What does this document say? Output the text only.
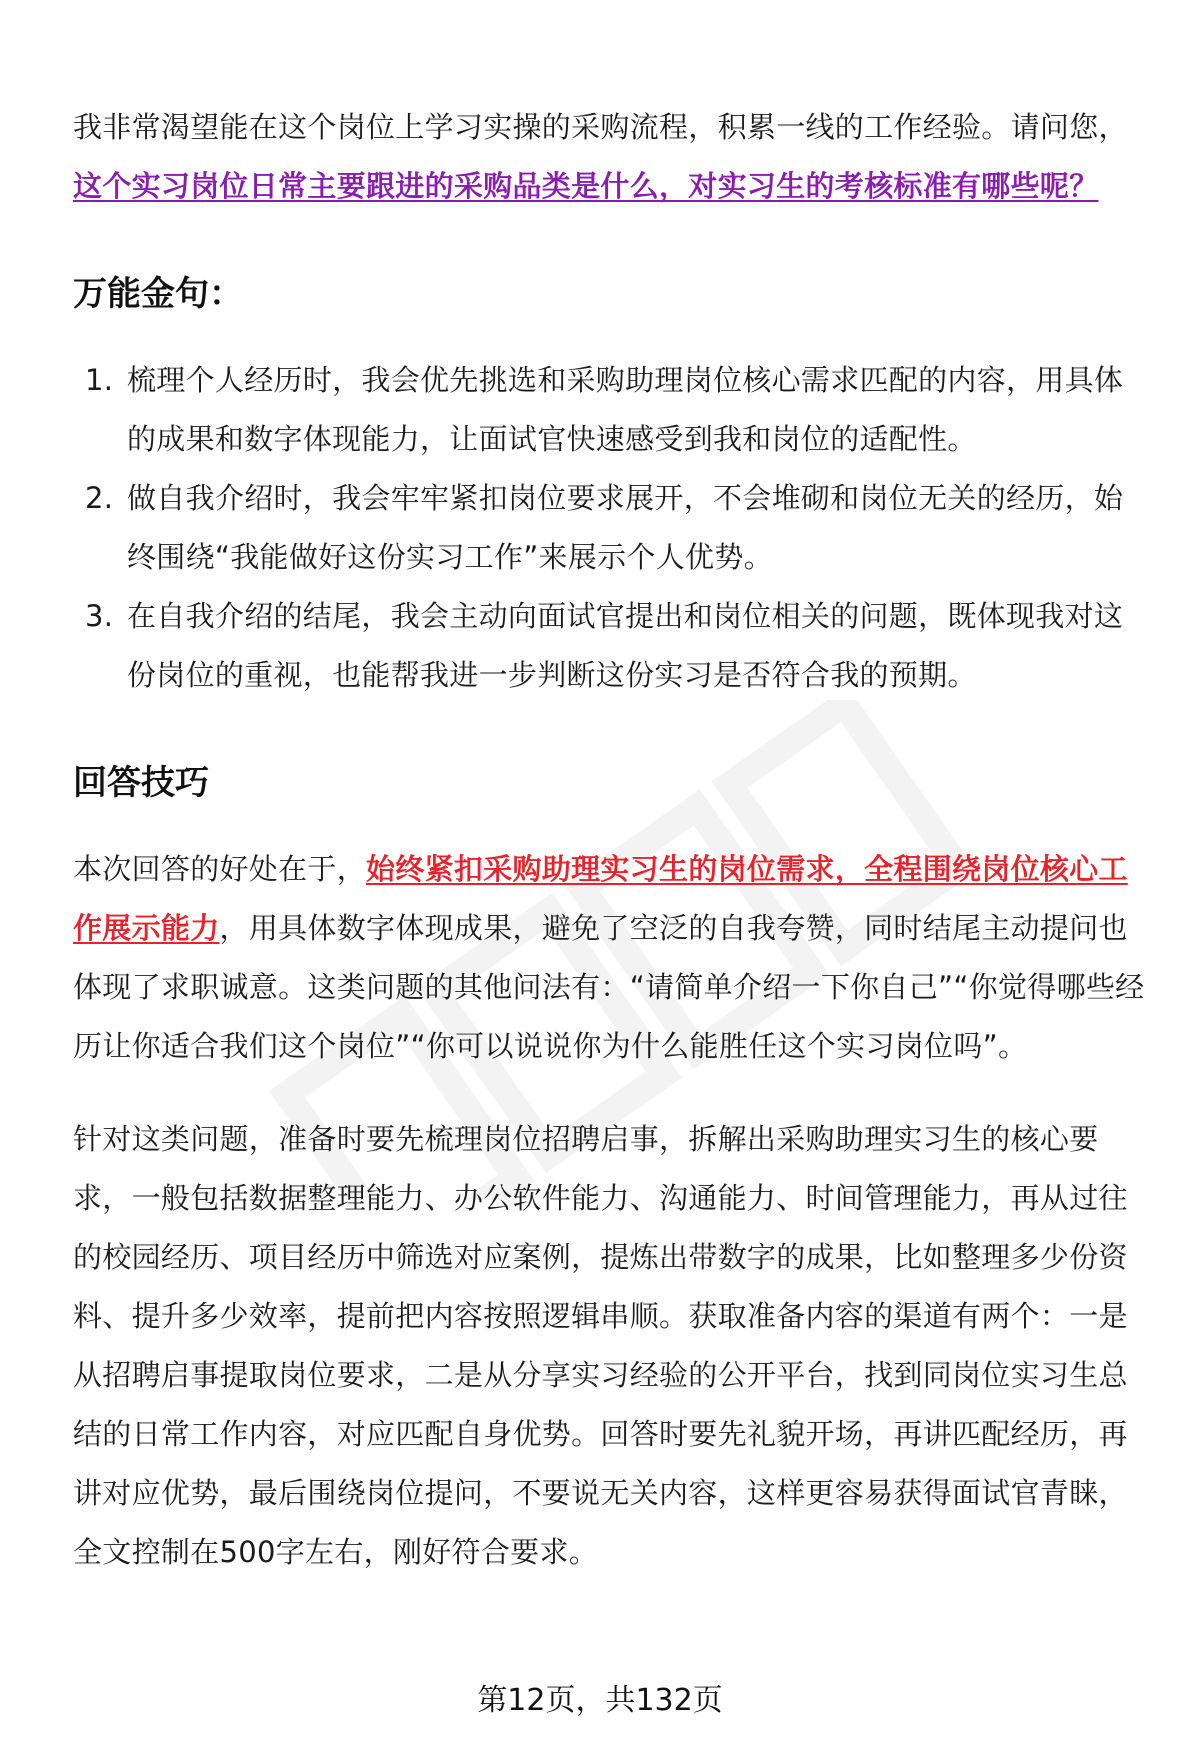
我非常渴望能在这个岗位上学习实操的采购流程，积累一线的工作经验。请问您，这个实习岗位日常主要跟进的采购品类是什么，对实习生的考核标准有哪些呢？

万能金句：
1. 梳理个人经历时，我会优先挑选和采购助理岗位核心需求匹配的内容，用具体的成果和数字体现能力，让面试官快速感受到我和岗位的适配性。
2. 做自我介绍时，我会牢牢紧扣岗位要求展开，不会堆砌和岗位无关的经历，始终围绕“我能做好这份实习工作”来展示个人优势。
3. 在自我介绍的结尾，我会主动向面试官提出和岗位相关的问题，既体现我对这份岗位的重视，也能帮我进一步判断这份实习是否符合我的预期。
回答技巧

本次回答的好处在于，始终紧扣采购助理实习生的岗位需求，全程围绕岗位核心工作展示能力，用具体数字体现成果，避免了空泛的自我夸赞，同时结尾主动提问也体现了求职诚意。这类问题的其他问法有：“请简单介绍一下你自己”“你觉得哪些经历让你适合我们这个岗位”“你可以说说你为什么能胜任这个实习岗位吗”。

针对这类问题，准备时要先梳理岗位招聘启事，拆解出采购助理实习生的核心要求，一般包括数据整理能力、办公软件能力、沟通能力、时间管理能力，再从过往的校园经历、项目经历中筛选对应案例，提炼出带数字的成果，比如整理多少份资料、提升多少效率，提前把内容按照逻辑串顺。获取准备内容的渠道有两个：一是从招聘启事提取岗位要求，二是从分享实习经验的公开平台，找到同岗位实习生总结的日常工作内容，对应匹配自身优势。回答时要先礼貌开场，再讲匹配经历，再讲对应优势，最后围绕岗位提问，不要说无关内容，这样更容易获得面试官青睐，全文控制在500字左右，刚好符合要求。

第12页，共132页
